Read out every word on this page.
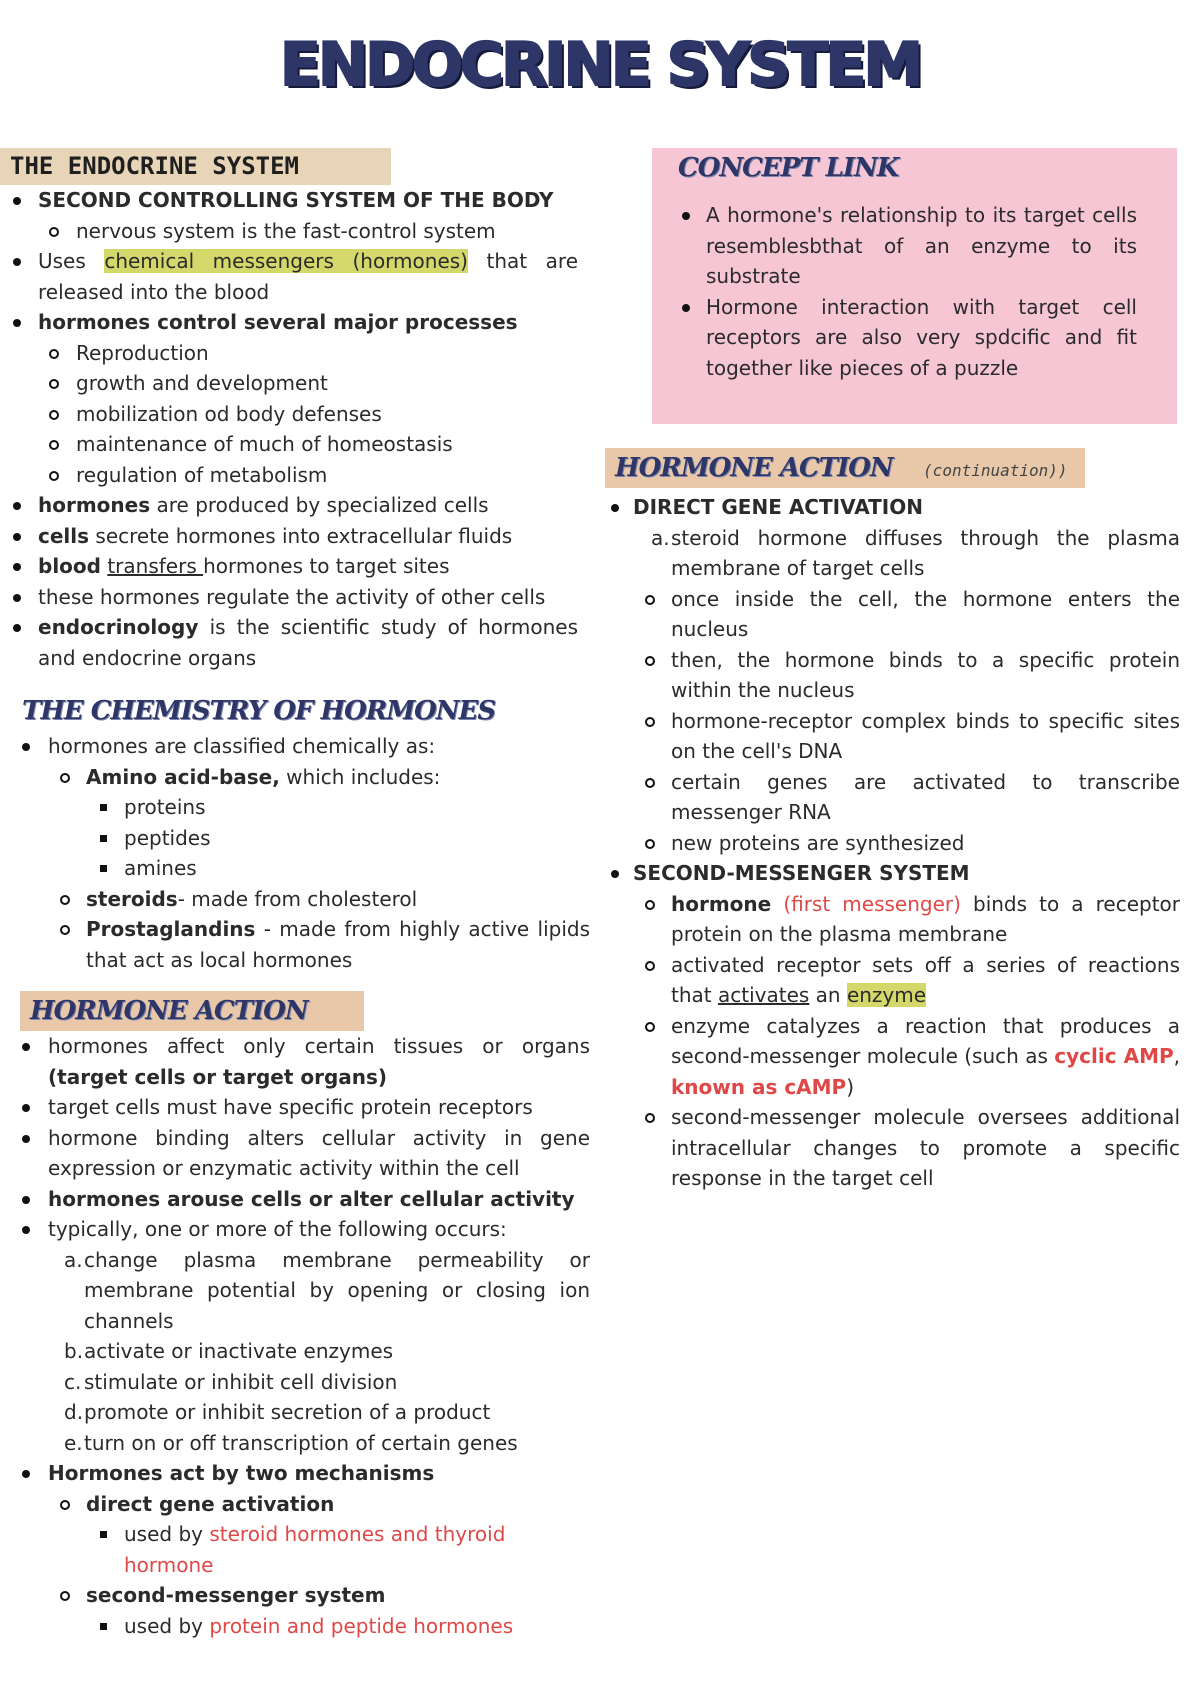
ENDOCRINE SYSTEM
THE ENDOCRINE SYSTEM
SECOND CONTROLLING SYSTEM OF THE BODY
nervous system is the fast-control system
Uses chemical messengers (hormones) that are released into the blood
hormones control several major processes
Reproduction
growth and development
mobilization od body defenses
maintenance of much of homeostasis
regulation of metabolism
hormones are produced by specialized cells
cells secrete hormones into extracellular fluids
blood transfers hormones to target sites
these hormones regulate the activity of other cells
endocrinology is the scientific study of hormones and endocrine organs
THE CHEMISTRY OF HORMONES
hormones are classified chemically as:
Amino acid-base, which includes:
proteins
peptides
amines
steroids- made from cholesterol
Prostaglandins - made from highly active lipids that act as local hormones
HORMONE ACTION
hormones affect only certain tissues or organs (target cells or target organs)
target cells must have specific protein receptors
hormone binding alters cellular activity in gene expression or enzymatic activity within the cell
hormones arouse cells or alter cellular activity
typically, one or more of the following occurs:
a. change plasma membrane permeability or membrane potential by opening or closing ion channels
b. activate or inactivate enzymes
c. stimulate or inhibit cell division
d. promote or inhibit secretion of a product
e. turn on or off transcription of certain genes
Hormones act by two mechanisms
direct gene activation
used by steroid hormones and thyroid hormone
second-messenger system
used by protein and peptide hormones
CONCEPT LINK
A hormone's relationship to its target cells resemblesbthat of an enzyme to its substrate
Hormone interaction with target cell receptors are also very spdcific and fit together like pieces of a puzzle
HORMONE ACTION (continuation))
DIRECT GENE ACTIVATION
a. steroid hormone diffuses through the plasma membrane of target cells
once inside the cell, the hormone enters the nucleus
then, the hormone binds to a specific protein within the nucleus
hormone-receptor complex binds to specific sites on the cell's DNA
certain genes are activated to transcribe messenger RNA
new proteins are synthesized
SECOND-MESSENGER SYSTEM
hormone (first messenger) binds to a receptor protein on the plasma membrane
activated receptor sets off a series of reactions that activates an enzyme
enzyme catalyzes a reaction that produces a second-messenger molecule (such as cyclic AMP, known as cAMP)
second-messenger molecule oversees additional intracellular changes to promote a specific response in the target cell
